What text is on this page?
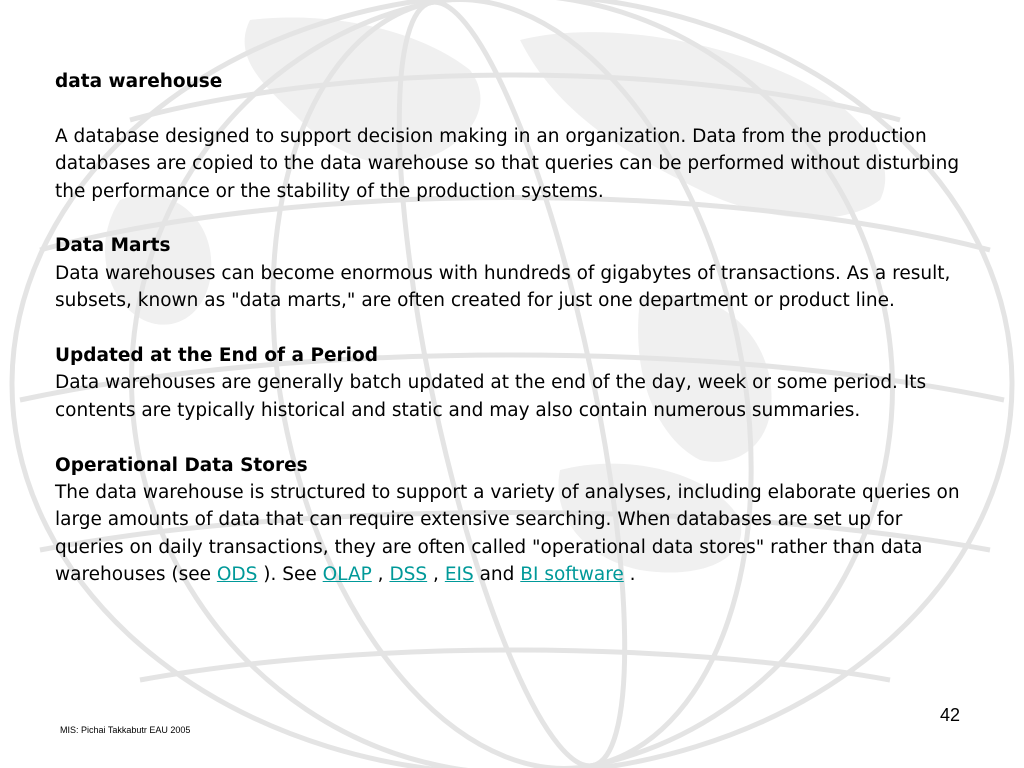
data warehouse

A database designed to support decision making in an organization. Data from the production databases are copied to the data warehouse so that queries can be performed without disturbing the performance or the stability of the production systems.

Data Marts

Data warehouses can become enormous with hundreds of gigabytes of transactions. As a result, subsets, known as "data marts," are often created for just one department or product line.

Updated at the End of a Period

Data warehouses are generally batch updated at the end of the day, week or some period. Its contents are typically historical and static and may also contain numerous summaries.

Operational Data Stores

The data warehouse is structured to support a variety of analyses, including elaborate queries on large amounts of data that can require extensive searching. When databases are set up for queries on daily transactions, they are often called "operational data stores" rather than data warehouses (see ODS ). See OLAP , DSS , EIS and BI software .

42
MIS: Pichai Takkabutr EAU 2005
